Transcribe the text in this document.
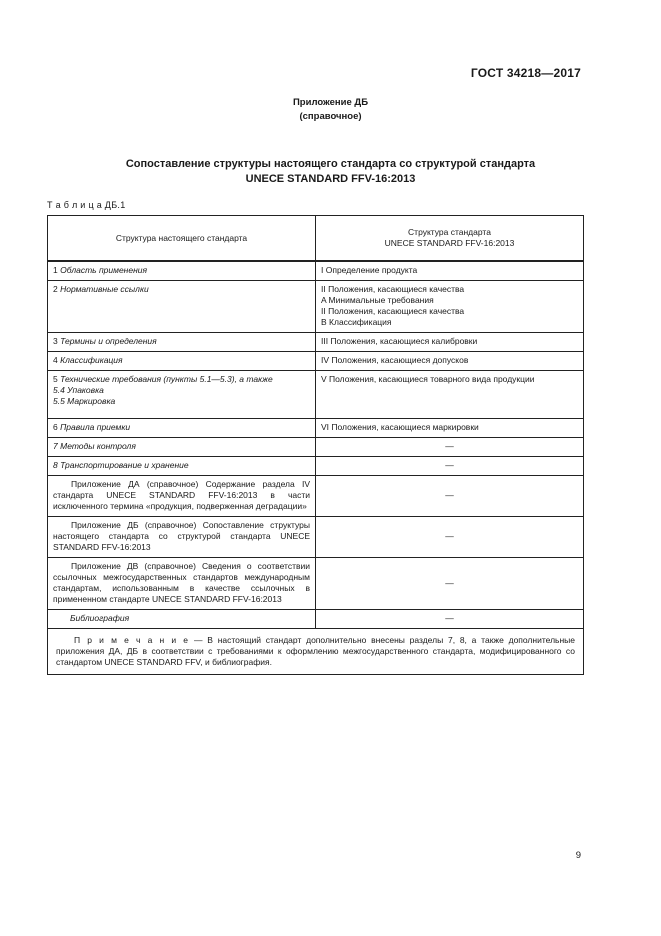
ГОСТ 34218—2017
Приложение ДБ
(справочное)
Сопоставление структуры настоящего стандарта со структурой стандарта
UNECE STANDARD FFV-16:2013
Т а б л и ц а ДБ.1
Структура настоящего стандарта	Структура стандарта
UNECE STANDARD FFV-16:2013

1 Область применения	I Определение продукта
2 Нормативные ссылки	II Положения, касающиеся качества
A Минимальные требования
II Положения, касающиеся качества
B Классификация

3 Термины и определения	III Положения, касающиеся калибровки
4 Классификация	IV Положения, касающиеся допусков

5 Технические требования (пункты 5.1—5.3), а также
5.4 Упаковка
5.5 Маркировка	V Положения, касающиеся товарного вида продукции
6 Правила приемки	VI Положения, касающиеся маркировки
7 Методы контроля	—
8 Транспортирование и хранение	—
Приложение ДА (справочное) Содержание раздела IV стандарта UNECE STANDARD FFV-16:2013 в части исключенного термина «продукция, подверженная деградации»	—
Приложение ДБ (справочное) Сопоставление структуры настоящего стандарта со структурой стандарта UNECE STANDARD FFV-16:2013	—
Приложение ДВ (справочное) Сведения о соответствии ссылочных межгосударственных стандартов международным стандартам, использованным в качестве ссылочных в примененном стандарте UNECE STANDARD FFV-16:2013	—
Библиография	—
П р и м е ч а н и е — В настоящий стандарт дополнительно внесены разделы 7, 8, а также дополнительные приложения ДА, ДБ в соответствии с требованиями к оформлению межгосударственного стандарта, модифицированного со стандартом UNECE STANDARD FFV, и библиография.	
9
